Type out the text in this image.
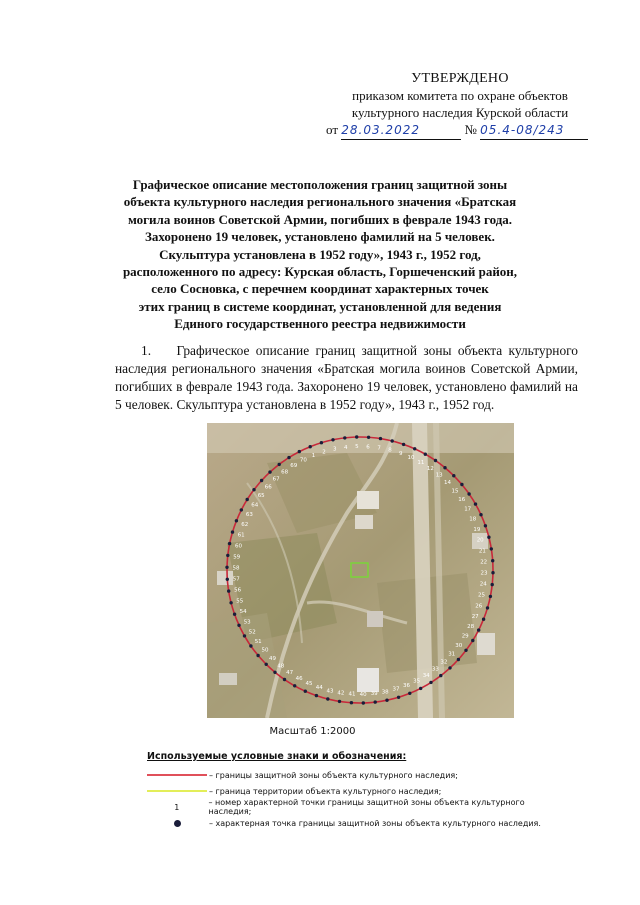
УТВЕРЖДЕНО
приказом комитета по охране объектов
культурного наследия Курской области
от 28.03.2022	№ 05.4-08/243
Графическое описание местоположения границ защитной зоны
объекта культурного наследия регионального значения «Братская
могила воинов Советской Армии, погибших в феврале 1943 года.
Захоронено 19 человек, установлено фамилий на 5 человек.
Скульптура установлена в 1952 году», 1943 г., 1952 год,
расположенного по адресу: Курская область, Горшеченский район,
село Сосновка, с перечнем координат характерных точек
этих границ в системе координат, установленной для ведения
Единого государственного реестра недвижимости

1. Графическое описание границ защитной зоны объекта культурного наследия регионального значения «Братская могила воинов Советской Армии, погибших в феврале 1943 года. Захоронено 19 человек, установлено фамилий на 5 человек. Скульптура установлена в 1952 году», 1943 г., 1952 год.

1
2 3 4 5 6 7 8
9
10
11
12
13
14
15
16
17
18
19
20
21
22
23
24
25
26
27
28
29
30
31
32
33
34
35
36
37
38
39
40
41
42
43
44
45
46
47
48
49
50
51
52
53
54
55
56
57
58
59
60
61
62
63
64
65
66
67
68
69
70
Масштаб 1:2000
Используемые условные знаки и обозначения:
– границы защитной зоны объекта культурного наследия;
– граница территории объекта культурного наследия;
1	– номер характерной точки границы защитной зоны объекта культурного наследия;
– характерная точка границы защитной зоны объекта культурного наследия.
